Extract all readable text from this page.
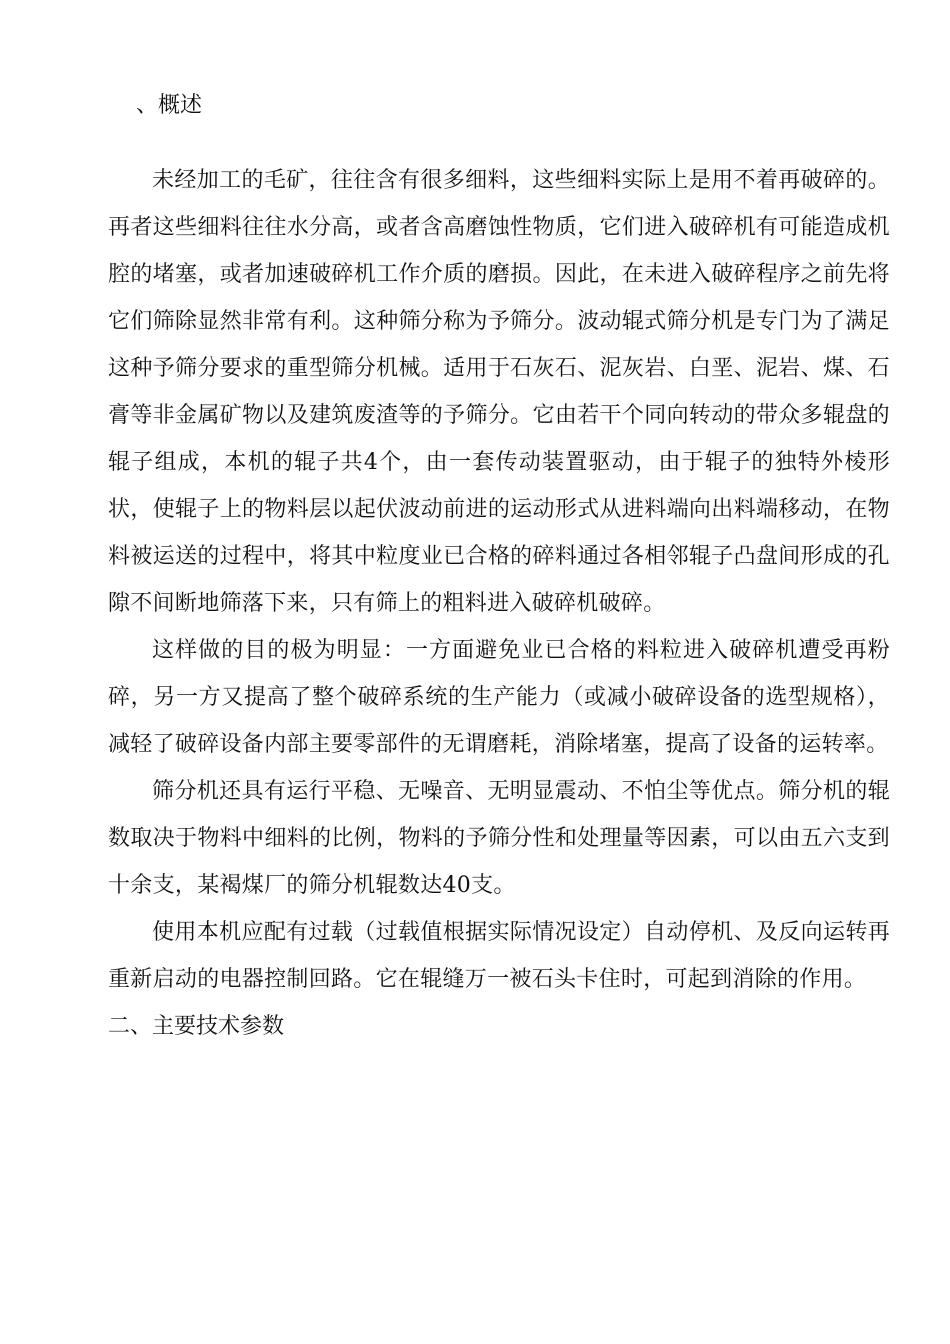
、概述

未经加工的毛矿，往往含有很多细料，这些细料实际上是用不着再破碎的。再者这些细料往往水分高，或者含高磨蚀性物质，它们进入破碎机有可能造成机腔的堵塞，或者加速破碎机工作介质的磨损。因此，在未进入破碎程序之前先将它们筛除显然非常有利。这种筛分称为予筛分。波动辊式筛分机是专门为了满足这种予筛分要求的重型筛分机械。适用于石灰石、泥灰岩、白垩、泥岩、煤、石膏等非金属矿物以及建筑废渣等的予筛分。它由若干个同向转动的带众多辊盘的辊子组成，本机的辊子共4个，由一套传动装置驱动，由于辊子的独特外棱形状，使辊子上的物料层以起伏波动前进的运动形式从进料端向出料端移动，在物料被运送的过程中，将其中粒度业已合格的碎料通过各相邻辊子凸盘间形成的孔隙不间断地筛落下来，只有筛上的粗料进入破碎机破碎。

这样做的目的极为明显：一方面避免业已合格的料粒进入破碎机遭受再粉碎，另一方又提高了整个破碎系统的生产能力（或减小破碎设备的选型规格），减轻了破碎设备内部主要零部件的无谓磨耗，消除堵塞，提高了设备的运转率。

筛分机还具有运行平稳、无噪音、无明显震动、不怕尘等优点。筛分机的辊数取决于物料中细料的比例，物料的予筛分性和处理量等因素，可以由五六支到十余支，某褐煤厂的筛分机辊数达40支。

使用本机应配有过载（过载值根据实际情况设定）自动停机、及反向运转再重新启动的电器控制回路。它在辊缝万一被石头卡住时，可起到消除的作用。

二、主要技术参数
